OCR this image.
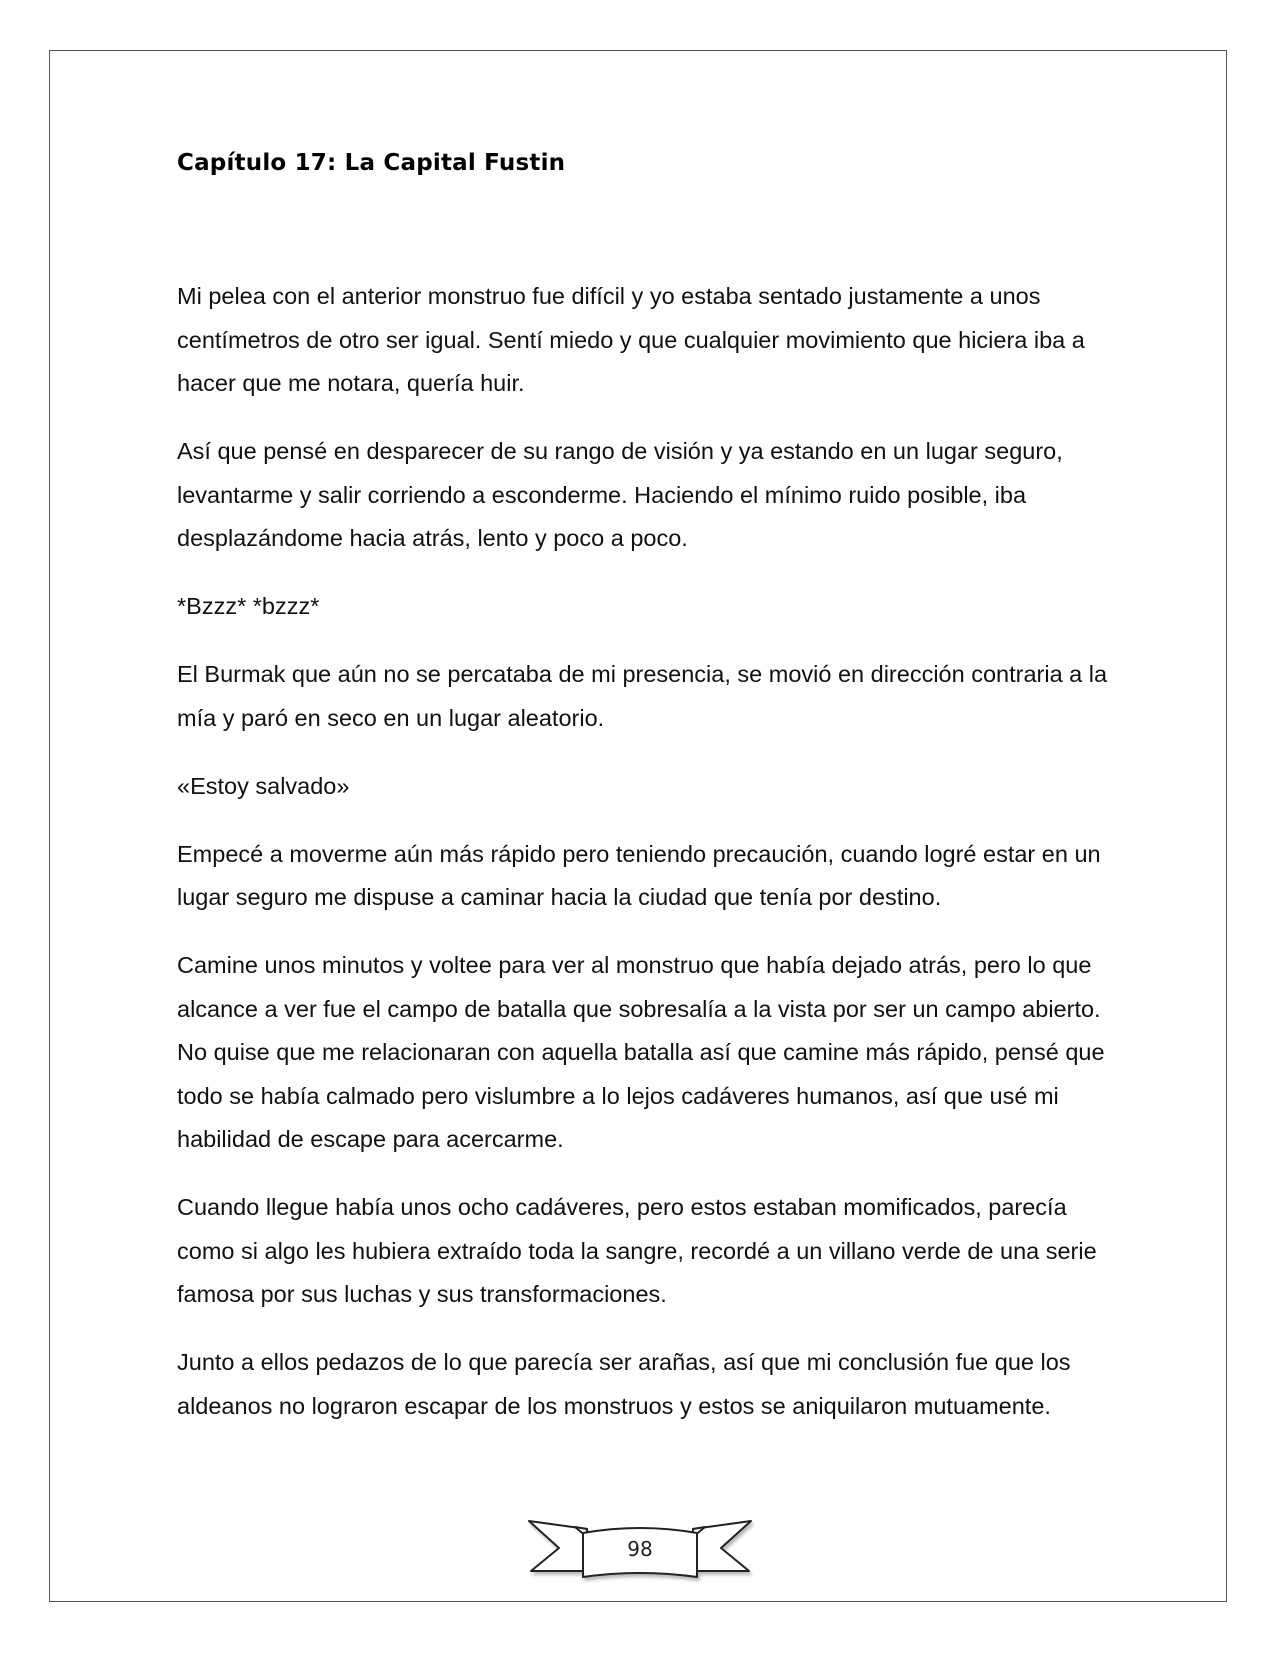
Capítulo 17: La Capital Fustin

Mi pelea con el anterior monstruo fue difícil y yo estaba sentado justamente a unos centímetros de otro ser igual. Sentí miedo y que cualquier movimiento que hiciera iba a hacer que me notara, quería huir.

Así que pensé en desparecer de su rango de visión y ya estando en un lugar seguro, levantarme y salir corriendo a esconderme. Haciendo el mínimo ruido posible, iba desplazándome hacia atrás, lento y poco a poco.

*Bzzz* *bzzz*

El Burmak que aún no se percataba de mi presencia, se movió en dirección contraria a la mía y paró en seco en un lugar aleatorio.

«Estoy salvado»

Empecé a moverme aún más rápido pero teniendo precaución, cuando logré estar en un lugar seguro me dispuse a caminar hacia la ciudad que tenía por destino.

Camine unos minutos y voltee para ver al monstruo que había dejado atrás, pero lo que alcance a ver fue el campo de batalla que sobresalía a la vista por ser un campo abierto. No quise que me relacionaran con aquella batalla así que camine más rápido, pensé que todo se había calmado pero vislumbre a lo lejos cadáveres humanos, así que usé mi habilidad de escape para acercarme.

Cuando llegue había unos ocho cadáveres, pero estos estaban momificados, parecía como si algo les hubiera extraído toda la sangre, recordé a un villano verde de una serie famosa por sus luchas y sus transformaciones.

Junto a ellos pedazos de lo que parecía ser arañas, así que mi conclusión fue que los aldeanos no lograron escapar de los monstruos y estos se aniquilaron mutuamente.

98
